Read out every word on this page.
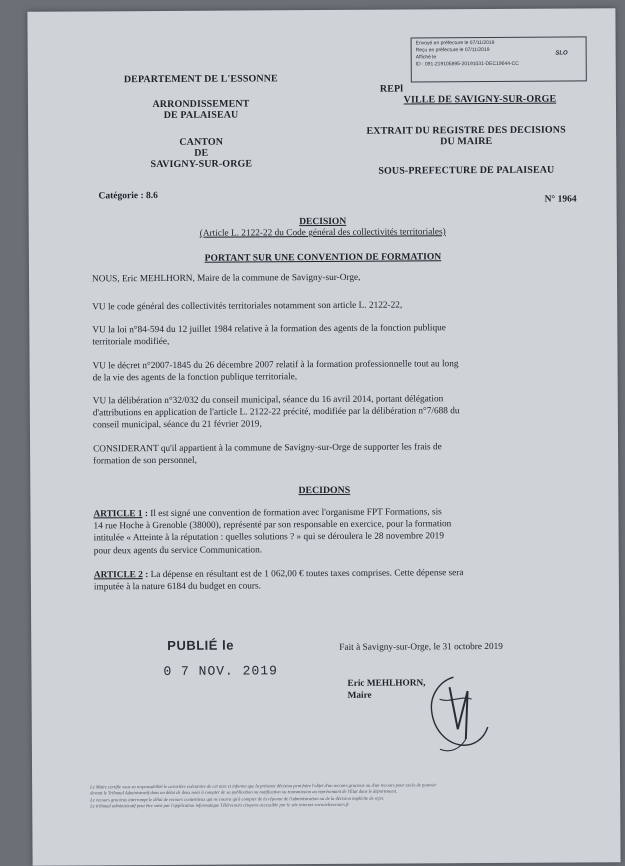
DEPARTEMENT DE L'ESSONNE
ARRONDISSEMENT
DE PALAISEAU
CANTON
DE
SAVIGNY-SUR-ORGE
Envoyé en préfecture le 07/11/2019
Reçu en préfecture le 07/11/2019
Affiché le
SLO
ID : 091-219105895-20191031-DEC19644-CC
REPl
VILLE DE SAVIGNY-SUR-ORGE
EXTRAIT DU REGISTRE DES DECISIONS
DU MAIRE
SOUS-PREFECTURE DE PALAISEAU
Catégorie : 8.6	N° 1964
DECISION
(Article L. 2122-22 du Code général des collectivités territoriales)
PORTANT SUR UNE CONVENTION DE FORMATION
NOUS, Eric MEHLHORN, Maire de la commune de Savigny-sur-Orge,
VU le code général des collectivités territoriales notamment son article L. 2122-22,
VU la loi n°84-594 du 12 juillet 1984 relative à la formation des agents de la fonction publique
territoriale modifiée,
VU le décret n°2007-1845 du 26 décembre 2007 relatif à la formation professionnelle tout au long
de la vie des agents de la fonction publique territoriale,
VU la délibération n°32/032 du conseil municipal, séance du 16 avril 2014, portant délégation
d'attributions en application de l'article L. 2122-22 précité, modifiée par la délibération n°7/688 du
conseil municipal, séance du 21 février 2019,
CONSIDERANT qu'il appartient à la commune de Savigny-sur-Orge de supporter les frais de
formation de son personnel,
DECIDONS
ARTICLE 1 : Il est signé une convention de formation avec l'organisme FPT Formations, sis
14 rue Hoche à Grenoble (38000), représenté par son responsable en exercice, pour la formation
intitulée « Atteinte à la réputation : quelles solutions ? » qui se déroulera le 28 novembre 2019
pour deux agents du service Communication.
ARTICLE 2 : La dépense en résultant est de 1 062,00 € toutes taxes comprises. Cette dépense sera
imputée à la nature 6184 du budget en cours.
PUBLIÉ le
0 7 NOV. 2019
Fait à Savigny-sur-Orge, le 31 octobre 2019
Eric MEHLHORN,
Maire
Le Maire certifie sous sa responsabilité le caractère exécutoire de cet acte et informe que la présente décision peut faire l'objet d'un recours gracieux ou d'un recours pour excès de pouvoir
devant le Tribunal Administratif dans un délai de deux mois à compter de sa publication ou notification ou transmission au représentant de l'État dans le département.
Le recours gracieux interrompt le délai de recours contentieux qui ne courra qu'à compter de la réponse de l'administration ou de la décision implicite de rejet.
Le tribunal administratif peut être saisi par l'application informatique Télérecours citoyens accessible par le site internet www.telerecours.fr
